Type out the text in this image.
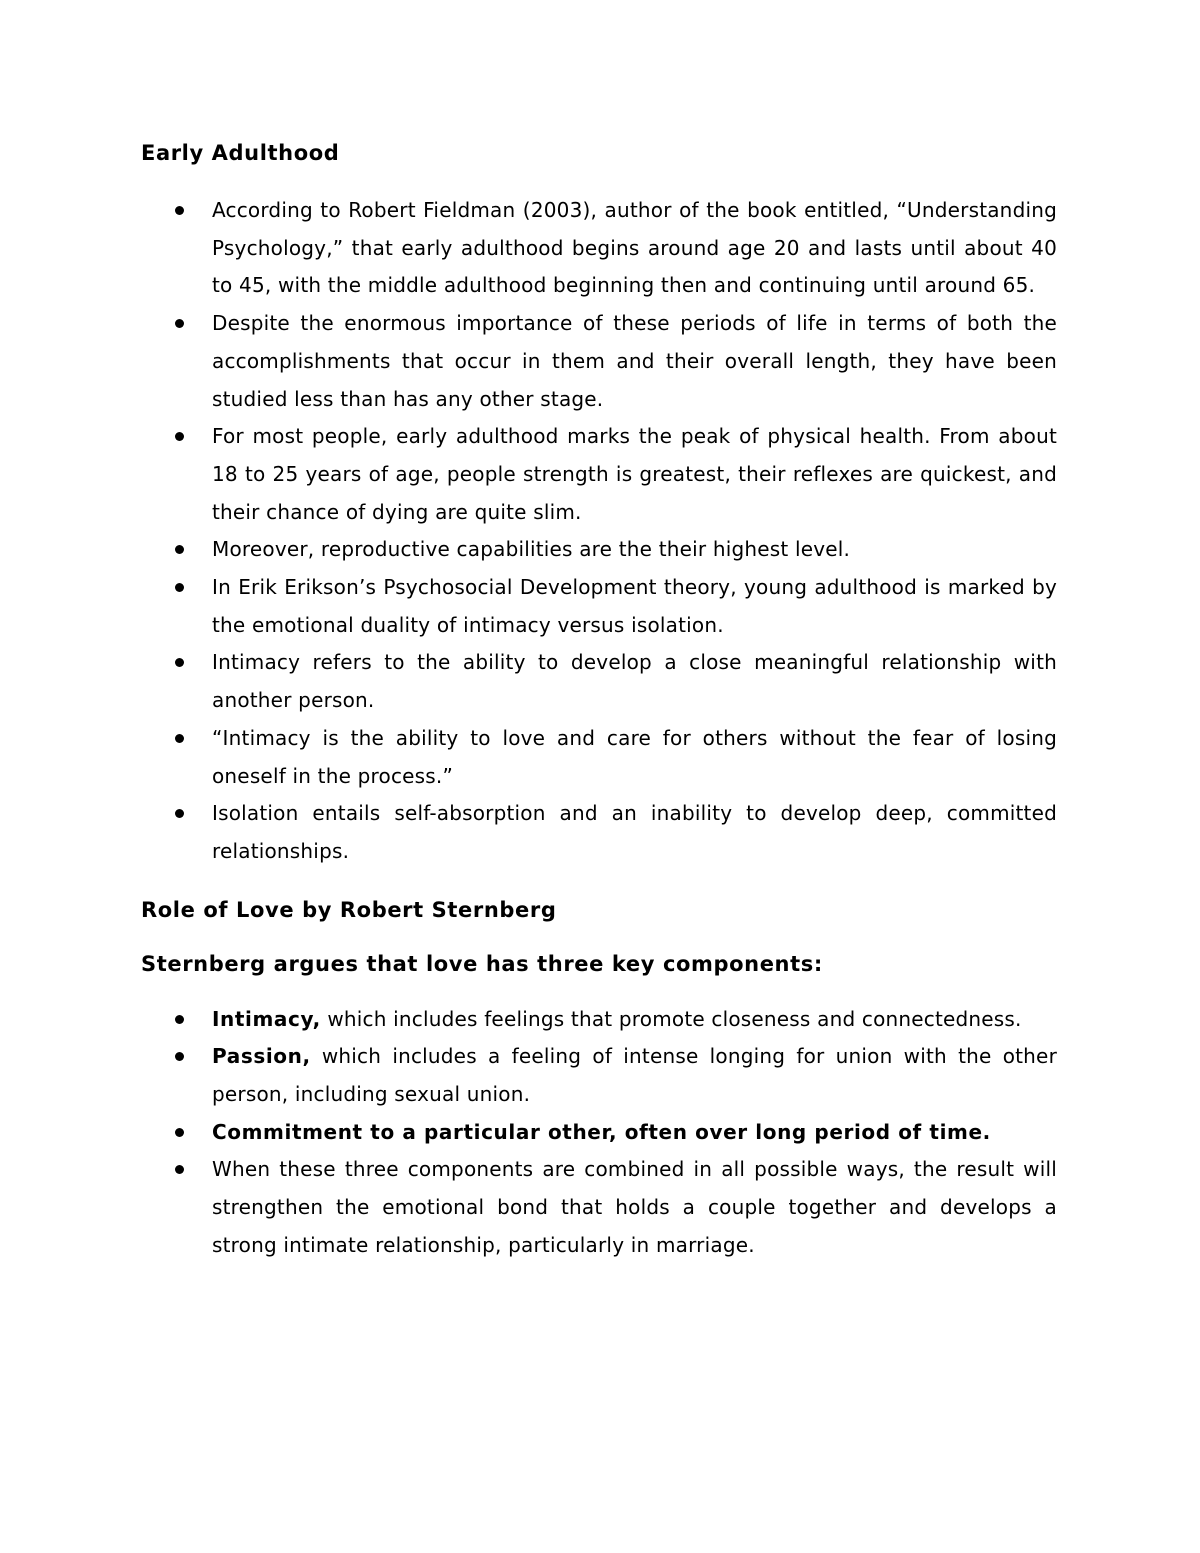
Early Adulthood
According to Robert Fieldman (2003), author of the book entitled, “Understanding Psychology,” that early adulthood begins around age 20 and lasts until about 40 to 45, with the middle adulthood beginning then and continuing until around 65.
Despite the enormous importance of these periods of life in terms of both the accomplishments that occur in them and their overall length, they have been studied less than has any other stage.
For most people, early adulthood marks the peak of physical health. From about 18 to 25 years of age, people strength is greatest, their reflexes are quickest, and their chance of dying are quite slim.
Moreover, reproductive capabilities are the their highest level.
In Erik Erikson’s Psychosocial Development theory, young adulthood is marked by the emotional duality of intimacy versus isolation.
Intimacy refers to the ability to develop a close meaningful relationship with another person.
“Intimacy is the ability to love and care for others without the fear of losing oneself in the process.”
Isolation entails self-absorption and an inability to develop deep, committed relationships.
Role of Love by Robert Sternberg
Sternberg argues that love has three key components:
Intimacy, which includes feelings that promote closeness and connectedness.
Passion, which includes a feeling of intense longing for union with the other person, including sexual union.
Commitment to a particular other, often over long period of time.
When these three components are combined in all possible ways, the result will strengthen the emotional bond that holds a couple together and develops a strong intimate relationship, particularly in marriage.
